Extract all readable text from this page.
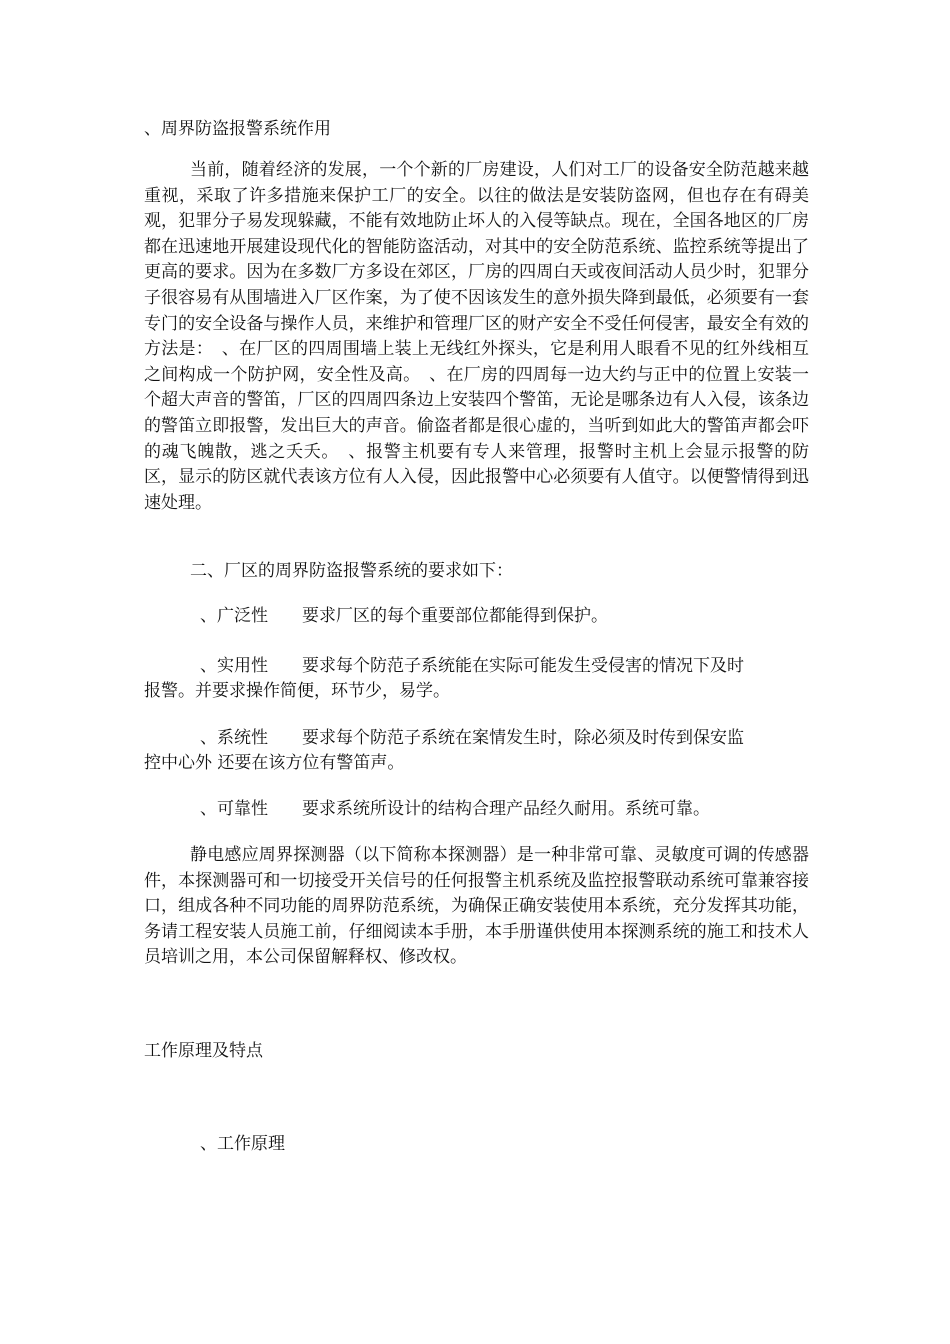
、周界防盗报警系统作用
当前，随着经济的发展，一个个新的厂房建设，人们对工厂的设备安全防范越来越重视，采取了许多措施来保护工厂的安全。以往的做法是安装防盗网，但也存在有碍美观，犯罪分子易发现躲藏，不能有效地防止坏人的入侵等缺点。现在，全国各地区的厂房都在迅速地开展建设现代化的智能防盗活动，对其中的安全防范系统、监控系统等提出了更高的要求。因为在多数厂方多设在郊区，厂房的四周白天或夜间活动人员少时，犯罪分子很容易有从围墙进入厂区作案，为了使不因该发生的意外损失降到最低，必须要有一套专门的安全设备与操作人员，来维护和管理厂区的财产安全不受任何侵害，最安全有效的方法是：　、在厂区的四周围墙上装上无线红外探头，它是利用人眼看不见的红外线相互之间构成一个防护网，安全性及高。　、在厂房的四周每一边大约与正中的位置上安装一个超大声音的警笛，厂区的四周四条边上安装四个警笛，无论是哪条边有人入侵，该条边的警笛立即报警，发出巨大的声音。偷盗者都是很心虚的，当听到如此大的警笛声都会吓的魂飞魄散，逃之夭夭。　、报警主机要有专人来管理，报警时主机上会显示报警的防区，显示的防区就代表该方位有人入侵，因此报警中心必须要有人值守。以便警情得到迅速处理。
二、厂区的周界防盗报警系统的要求如下：
、广泛性 要求厂区的每个重要部位都能得到保护。
、实用性 要求每个防范子系统能在实际可能发生受侵害的情况下及时
报警。并要求操作简便，环节少，易学。
、系统性 要求每个防范子系统在案情发生时，除必须及时传到保安监
控中心外 还要在该方位有警笛声。
、可靠性 要求系统所设计的结构合理产品经久耐用。系统可靠。
静电感应周界探测器（以下简称本探测器）是一种非常可靠、灵敏度可调的传感器件，本探测器可和一切接受开关信号的任何报警主机系统及监控报警联动系统可靠兼容接口，组成各种不同功能的周界防范系统，为确保正确安装使用本系统，充分发挥其功能，务请工程安装人员施工前，仔细阅读本手册，本手册谨供使用本探测系统的施工和技术人员培训之用，本公司保留解释权、修改权。
工作原理及特点
、工作原理
